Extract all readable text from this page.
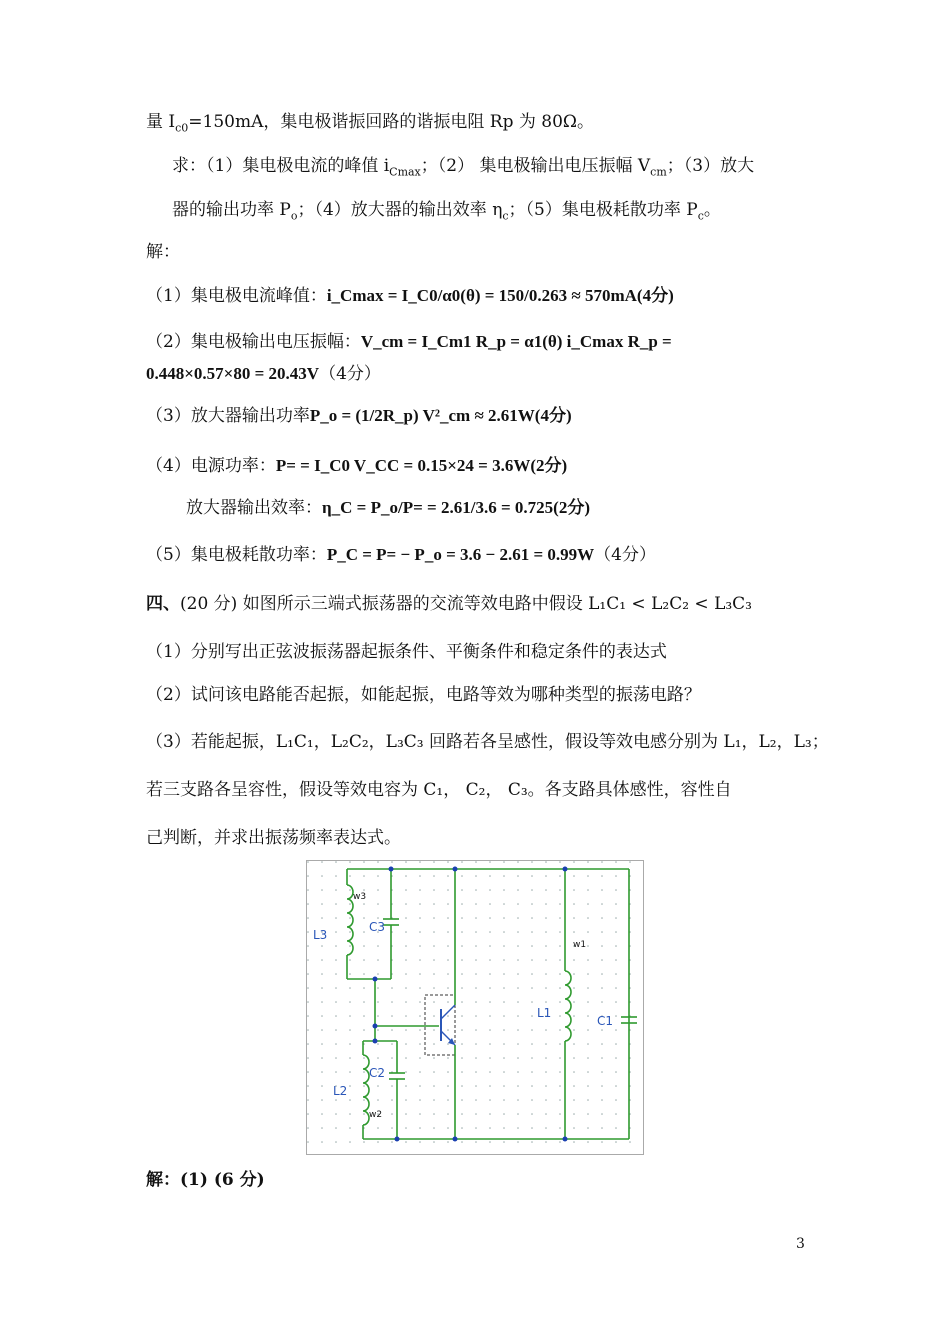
量 $I_{c0}=150mA$，集电极谐振回路的谐振电阻 Rp 为 80Ω。
求：（1）集电极电流的峰值 $i_{Cmax}$；（2） 集电极输出电压振幅 $V_{cm}$；（3）放大
器的输出功率 $P_o$；（4）放大器的输出效率 $\eta_c$；（5）集电极耗散功率 $P_c$。
解：
（1）集电极电流峰值：i_Cmax = I_C0/α0(θ) = 150/0.263 ≈ 570mA(4分)
（2）集电极输出电压振幅：V_cm = I_Cm1 R_p = α1(θ) i_Cmax R_p =
0.448×0.57×80 = 20.43V（4分）
（3）放大器输出功率P_o = (1/2R_p) V²_cm ≈ 2.61W(4分)
（4）电源功率：P= = I_C0 V_CC = 0.15×24 = 3.6W(2分)
放大器输出效率：η_C = P_o/P= = 2.61/3.6 = 0.725(2分)
（5）集电极耗散功率：P_C = P= − P_o = 3.6 − 2.61 = 0.99W（4分）
四、(20 分) 如图所示三端式振荡器的交流等效电路中假设 L₁C₁ < L₂C₂ < L₃C₃
（1）分别写出正弦波振荡器起振条件、平衡条件和稳定条件的表达式
（2）试问该电路能否起振，如能起振，电路等效为哪种类型的振荡电路？
（3）若能起振，L₁C₁，L₂C₂，L₃C₃ 回路若各呈感性，假设等效电感分别为 L₁，L₂，L₃；
若三支路各呈容性，假设等效电容为 C₁， C₂， C₃。各支路具体感性，容性自
己判断，并求出振荡频率表达式。
L3
C3
w3
L2
C2
w2
L1
C1
w1
解：(1) (6 分)
3
